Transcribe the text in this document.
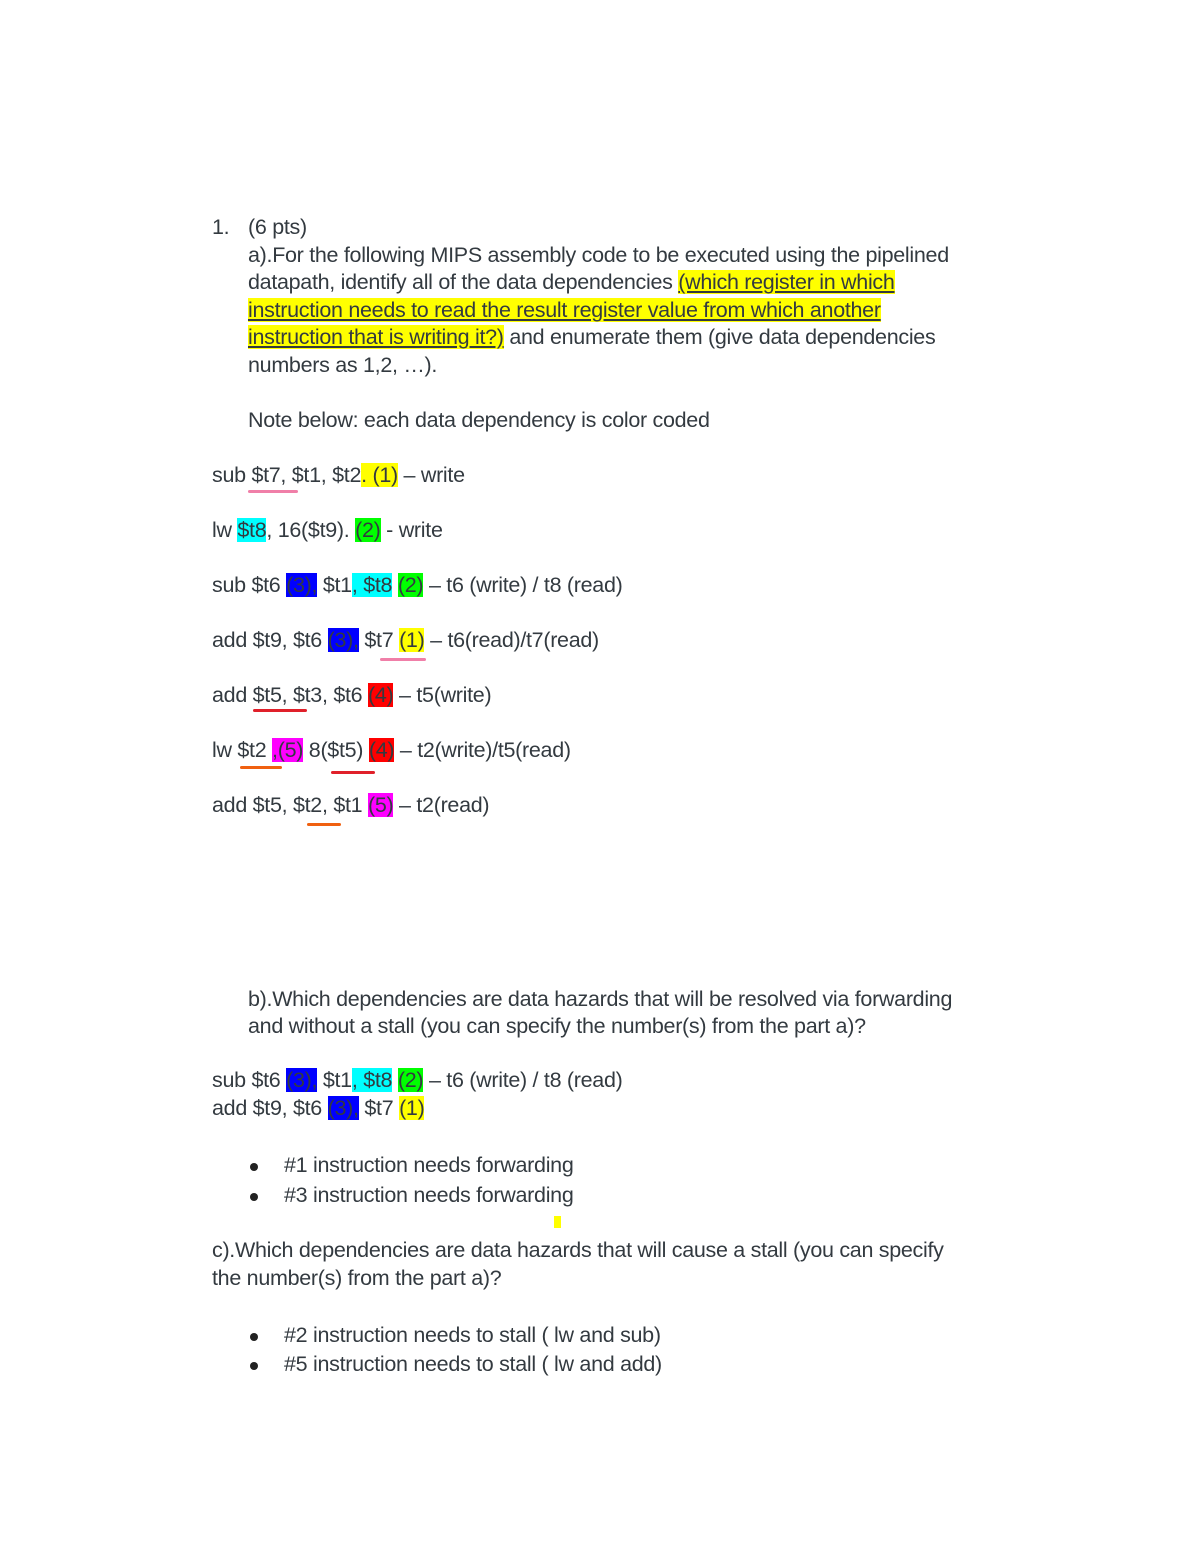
1. (6 pts)
a).For the following MIPS assembly code to be executed using the pipelined
datapath, identify all of the data dependencies (which register in which
instruction needs to read the result register value from which another
instruction that is writing it?) and enumerate them (give data dependencies
numbers as 1,2, …).
Note below: each data dependency is color coded
sub $t7, $t1, $t2. (1) – write
lw $t8, 16($t9). (2) - write
sub $t6 (3), $t1, $t8 (2) – t6 (write) / t8 (read)
add $t9, $t6 (3), $t7 (1) – t6(read)/t7(read)
add $t5, $t3, $t6 (4) – t5(write)
lw $t2 ,(5) 8($t5) (4) – t2(write)/t5(read)
add $t5, $t2, $t1 (5) – t2(read)
b).Which dependencies are data hazards that will be resolved via forwarding
and without a stall (you can specify the number(s) from the part a)?
sub $t6 (3), $t1, $t8 (2) – t6 (write) / t8 (read)
add $t9, $t6 (3), $t7 (1)
#1 instruction needs forwarding
#3 instruction needs forwarding
c).Which dependencies are data hazards that will cause a stall (you can specify
the number(s) from the part a)?
#2 instruction needs to stall ( lw and sub)
#5 instruction needs to stall ( lw and add)
